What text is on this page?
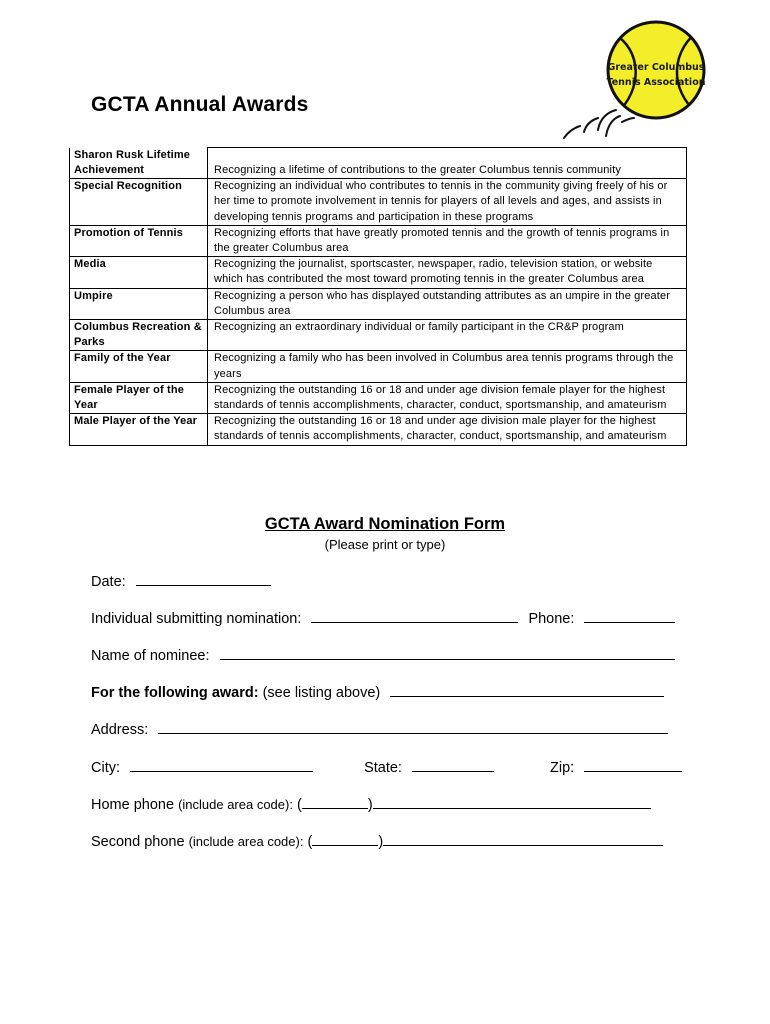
Greater Columbus
Tennis Association
GCTA Annual Awards
Sharon Rusk Lifetime Achievement	Recognizing a lifetime of contributions to the greater Columbus tennis community

Special Recognition	Recognizing an individual who contributes to tennis in the community giving freely of his or her time to promote involvement in tennis for players of all levels and ages, and assists in developing tennis programs and participation in these programs
Promotion of Tennis	Recognizing efforts that have greatly promoted tennis and the growth of tennis programs in the greater Columbus area
Media	Recognizing the journalist, sportscaster, newspaper, radio, television station, or website which has contributed the most toward promoting tennis in the greater Columbus area
Umpire	Recognizing a person who has displayed outstanding attributes as an umpire in the greater Columbus area
Columbus Recreation & Parks	Recognizing an extraordinary individual or family participant in the CR&P program
Family of the Year	Recognizing a family who has been involved in Columbus area tennis programs through the years
Female Player of the Year	Recognizing the outstanding 16 or 18 and under age division female player for the highest standards of tennis accomplishments, character, conduct, sportsmanship, and amateurism
Male Player of the Year	Recognizing the outstanding 16 or 18 and under age division male player for the highest standards of tennis accomplishments, character, conduct, sportsmanship, and amateurism
GCTA Award Nomination Form
(Please print or type)
Date:
Individual submitting nomination:	Phone:
Name of nominee:
For the following award: (see listing above)
Address:
City:	State:	Zip:
Home phone (include area code): (	)
Second phone (include area code): (	)
